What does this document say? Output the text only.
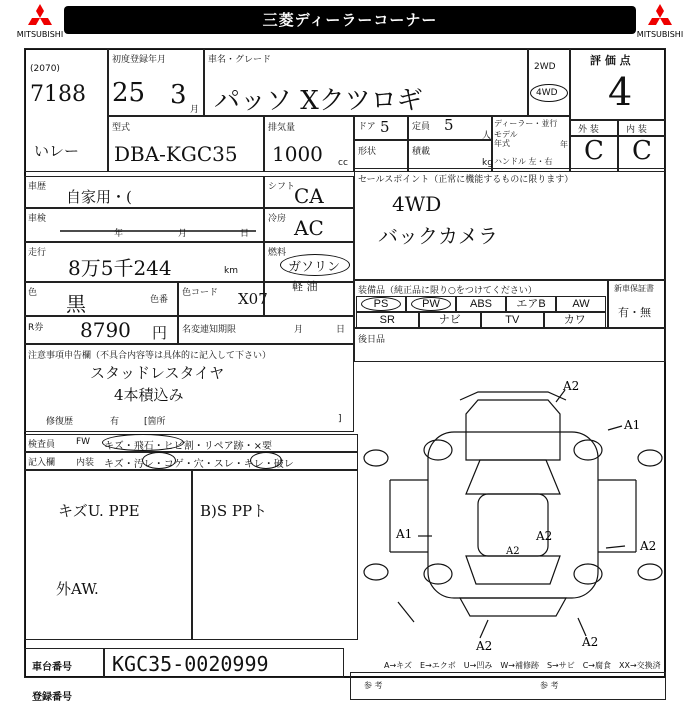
MITSUBISHI
三菱ディーラーコーナー
MITSUBISHI
(2070)
7188
いレー
初度登録年月
25 3 月
車名・グレード
パッソ Xクツロギ
2WD
4WD
評 価 点
4
型式
DBA-KGC35
排気量
1000 cc
ドア 5 定員 5
人
形状	積載
kg
ディーラー・並行
モデル
年式	年
ハンドル 左・右
外 装	内 装
C C
車歴
自家用・(
シフト
CA
セールスポイント（正常に機能するものに限ります）
4WD
バックカメラ
車検
年	月	日
冷房 AC
走行
8万5千244	km
燃料
ガソリン
軽 油
色 黒	色番
色コード X07	装備品（純正品に限り○をつけてください）
PS	PW	ABS	エアB	AW
SR	ナビ	TV	カワ
新車保証書
有・無
R券 8790 円 名変連知期限	月	日
後日品
注意事項申告欄（不具合内容等は具体的に記入して下さい）
スタッドレスタイヤ
4本積込み
修復歴	有	[箇所	]
検査員 FW キズ・飛石・ヒビ割・リペア跡・×要
記入欄 内装 キズ・汚レ・コゲ・穴・スレ・キレ・破レ
キズU. PPE
外AW.
B)S PPト
A2
A1
A1	A2
A2	A2
A2	A2
A→キズ　E→エクボ　U→凹み　W→補修跡　S→サビ　C→腐食　XX→交換済
車台番号 KGC35-0020999
登録番号
参 考	参 考
